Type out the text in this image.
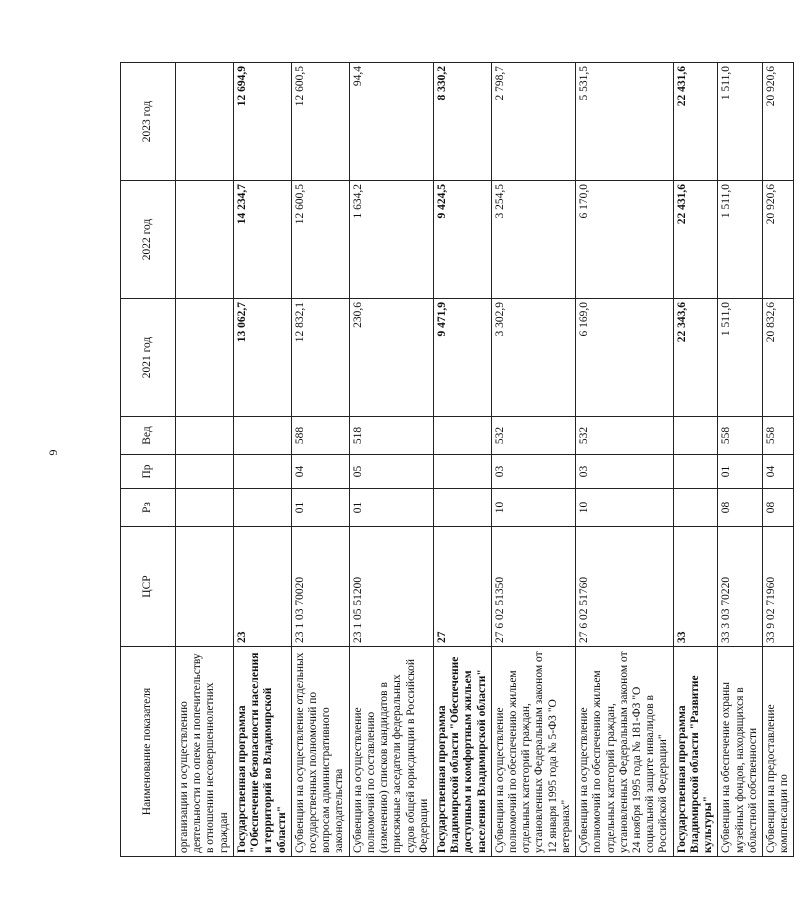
6
Наименование показателя	ЦСР	Рз	Пр	Вед	2021 год	2022 год	2023 год
организации и осуществлению деятельности по опеке и попечительству в отношении несовершеннолетних граждан							
Государственная программа "Обеспечение безопасности населения и территорий во Владимирской области"	23				13 062,7	14 234,7	12 694,9
Субвенции на осуществление отдельных государственных полномочий по вопросам административного законодательства	23 1 03 70020	01	04	588	12 832,1	12 600,5	12 600,5
Субвенции на осуществление полномочий по составлению (изменению) списков кандидатов в присяжные заседатели федеральных судов общей юрисдикции в Российской Федерации	23 1 05 51200	01	05	518	230,6	1 634,2	94,4
Государственная программа Владимирской области "Обеспечение доступным и комфортным жильем населения Владимирской области"	27				9 471,9	9 424,5	8 330,2
Субвенции на осуществление полномочий по обеспечению жильем отдельных категорий граждан, установленных Федеральным законом от 12 января 1995 года № 5-ФЗ "О ветеранах"	27 6 02 51350	10	03	532	3 302,9	3 254,5	2 798,7
Субвенции на осуществление полномочий по обеспечению жильем отдельных категорий граждан, установленных Федеральным законом от 24 ноября 1995 года № 181-ФЗ "О социальной защите инвалидов в Российской Федерации"	27 6 02 51760	10	03	532	6 169,0	6 170,0	5 531,5
Государственная программа Владимирской области "Развитие культуры"	33				22 343,6	22 431,6	22 431,6
Субвенции на обеспечение охраны музейных фондов, находящихся в областной собственности	33 3 03 70220	08	01	558	1 511,0	1 511,0	1 511,0
Субвенции на предоставление компенсации по	33 9 02 71960	08	04	558	20 832,6	20 920,6	20 920,6
